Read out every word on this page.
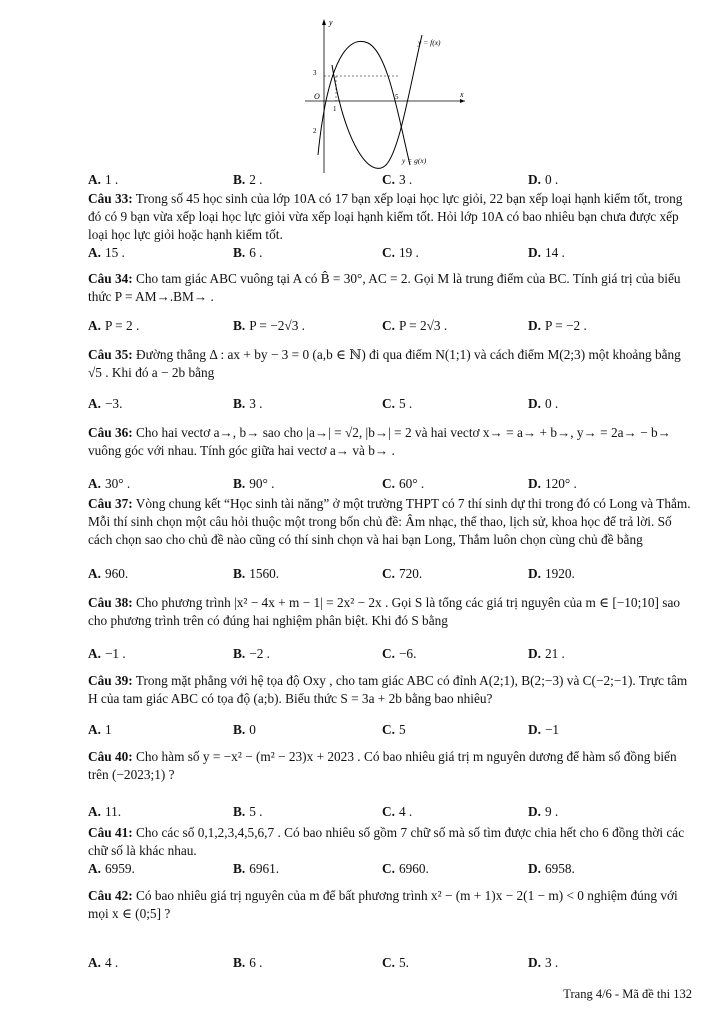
y
x
O
3
2
1
5
y = f(x)
y = g(x)
A. 1 .	B. 2 .	C. 3 .	D. 0 .
Câu 33: Trong số 45 học sinh của lớp 10A có 17 bạn xếp loại học lực giỏi, 22 bạn xếp loại hạnh kiểm tốt, trong đó có 9 bạn vừa xếp loại học lực giỏi vừa xếp loại hạnh kiểm tốt. Hỏi lớp 10A có bao nhiêu bạn chưa được xếp loại học lực giỏi hoặc hạnh kiểm tốt.
A. 15 .	B. 6 .	C. 19 .	D. 14 .
Câu 34: Cho tam giác ABC vuông tại A có B̂ = 30°, AC = 2. Gọi M là trung điểm của BC. Tính giá trị của biểu thức P = AM→.BM→ .
A. P = 2 .	B. P = −2√3 .	C. P = 2√3 .	D. P = −2 .
Câu 35: Đường thẳng Δ : ax + by − 3 = 0 (a,b ∈ ℕ) đi qua điểm N(1;1) và cách điểm M(2;3) một khoảng bằng √5 . Khi đó a − 2b bằng
A. −3.	B. 3 .	C. 5 .	D. 0 .
Câu 36: Cho hai vectơ a→, b→ sao cho |a→| = √2, |b→| = 2 và hai vectơ x→ = a→ + b→, y→ = 2a→ − b→ vuông góc với nhau. Tính góc giữa hai vectơ a→ và b→ .
A. 30° .	B. 90° .	C. 60° .	D. 120° .
Câu 37: Vòng chung kết “Học sinh tài năng” ở một trường THPT có 7 thí sinh dự thi trong đó có Long và Thắm. Mỗi thí sinh chọn một câu hỏi thuộc một trong bốn chủ đề: Âm nhạc, thể thao, lịch sử, khoa học để trả lời. Số cách chọn sao cho chủ đề nào cũng có thí sinh chọn và hai bạn Long, Thắm luôn chọn cùng chủ đề bằng
A. 960.	B. 1560.	C. 720.	D. 1920.
Câu 38: Cho phương trình |x² − 4x + m − 1| = 2x² − 2x . Gọi S là tổng các giá trị nguyên của m ∈ [−10;10] sao cho phương trình trên có đúng hai nghiệm phân biệt. Khi đó S bằng
A. −1 .	B. −2 .	C. −6.	D. 21 .
Câu 39: Trong mặt phẳng với hệ tọa độ Oxy , cho tam giác ABC có đỉnh A(2;1), B(2;−3) và C(−2;−1). Trực tâm H của tam giác ABC có tọa độ (a;b). Biểu thức S = 3a + 2b bằng bao nhiêu?
A. 1	B. 0	C. 5	D. −1
Câu 40: Cho hàm số y = −x² − (m² − 23)x + 2023 . Có bao nhiêu giá trị m nguyên dương để hàm số đồng biến trên (−2023;1) ?
A. 11.	B. 5 .	C. 4 .	D. 9 .
Câu 41: Cho các số 0,1,2,3,4,5,6,7 . Có bao nhiêu số gồm 7 chữ số mà số tìm được chia hết cho 6 đồng thời các chữ số là khác nhau.
A. 6959.	B. 6961.	C. 6960.	D. 6958.
Câu 42: Có bao nhiêu giá trị nguyên của m để bất phương trình x² − (m + 1)x − 2(1 − m) < 0 nghiệm đúng với mọi x ∈ (0;5] ?
A. 4 .	B. 6 .	C. 5.	D. 3 .
Trang 4/6 - Mã đề thi 132
